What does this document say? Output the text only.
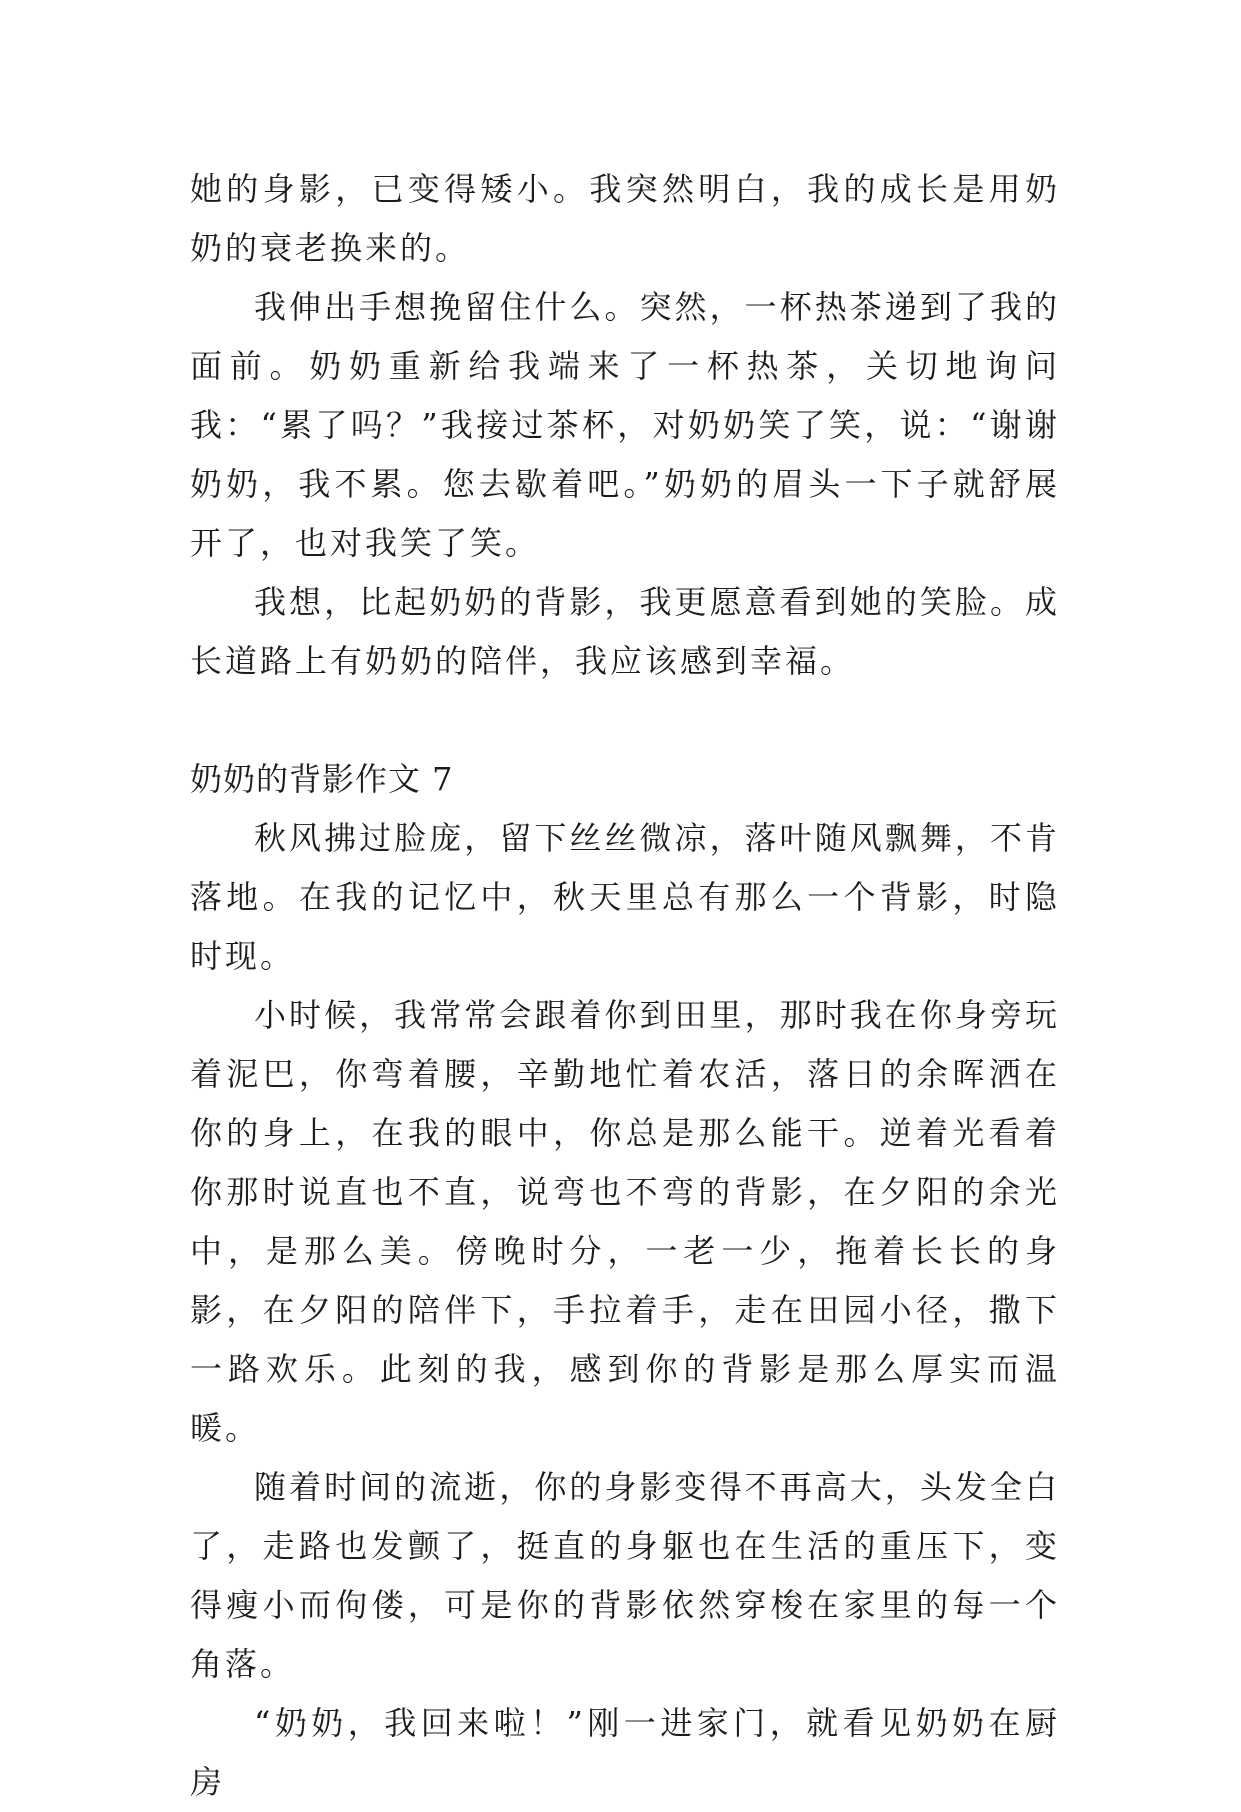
她的身影，已变得矮小。我突然明白，我的成长是用奶奶的衰老换来的。

我伸出手想挽留住什么。突然，一杯热茶递到了我的面前。奶奶重新给我端来了一杯热茶，关切地询问我：“累了吗？”我接过茶杯，对奶奶笑了笑，说：“谢谢奶奶，我不累。您去歇着吧。”奶奶的眉头一下子就舒展开了，也对我笑了笑。

我想，比起奶奶的背影，我更愿意看到她的笑脸。成长道路上有奶奶的陪伴，我应该感到幸福。

奶奶的背影作文 7

秋风拂过脸庞，留下丝丝微凉，落叶随风飘舞，不肯落地。在我的记忆中，秋天里总有那么一个背影，时隐时现。

小时候，我常常会跟着你到田里，那时我在你身旁玩着泥巴，你弯着腰，辛勤地忙着农活，落日的余晖洒在你的身上，在我的眼中，你总是那么能干。逆着光看着你那时说直也不直，说弯也不弯的背影，在夕阳的余光中，是那么美。傍晚时分，一老一少，拖着长长的身影，在夕阳的陪伴下，手拉着手，走在田园小径，撒下一路欢乐。此刻的我，感到你的背影是那么厚实而温暖。

随着时间的流逝，你的身影变得不再高大，头发全白了，走路也发颤了，挺直的身躯也在生活的重压下，变得瘦小而佝偻，可是你的背影依然穿梭在家里的每一个角落。

“奶奶，我回来啦！”刚一进家门，就看见奶奶在厨房
